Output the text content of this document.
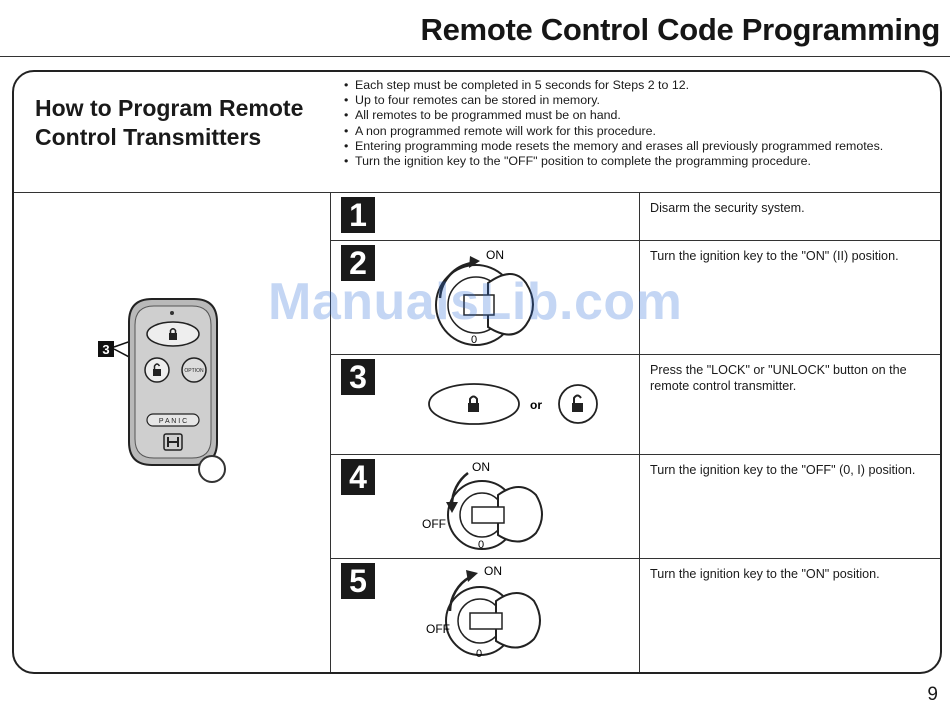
Remote Control Code Programming
How to Program Remote
Control Transmitters
• Each step must be completed in 5 seconds for Steps 2 to 12.
• Up to four remotes can be stored in memory.
• All remotes to be programmed must be on hand.
• A non programmed remote will work for this procedure.
• Entering programming mode resets the memory and erases all previously programmed remotes.
• Turn the ignition key to the "OFF" position to complete the programming procedure.
3
OPTION
P A N I C
1	Disarm the security system.
2	Turn the ignition key to the "ON" (II) position.
ON
0
3	Press the "LOCK" or "UNLOCK" button on the remote control transmitter.
or
4	Turn the ignition key to the "OFF" (0, I) position.
ON
OFF
0
5	Turn the ignition key to the "ON" position.
ON
OFF
0
ManualsLib.com
9
